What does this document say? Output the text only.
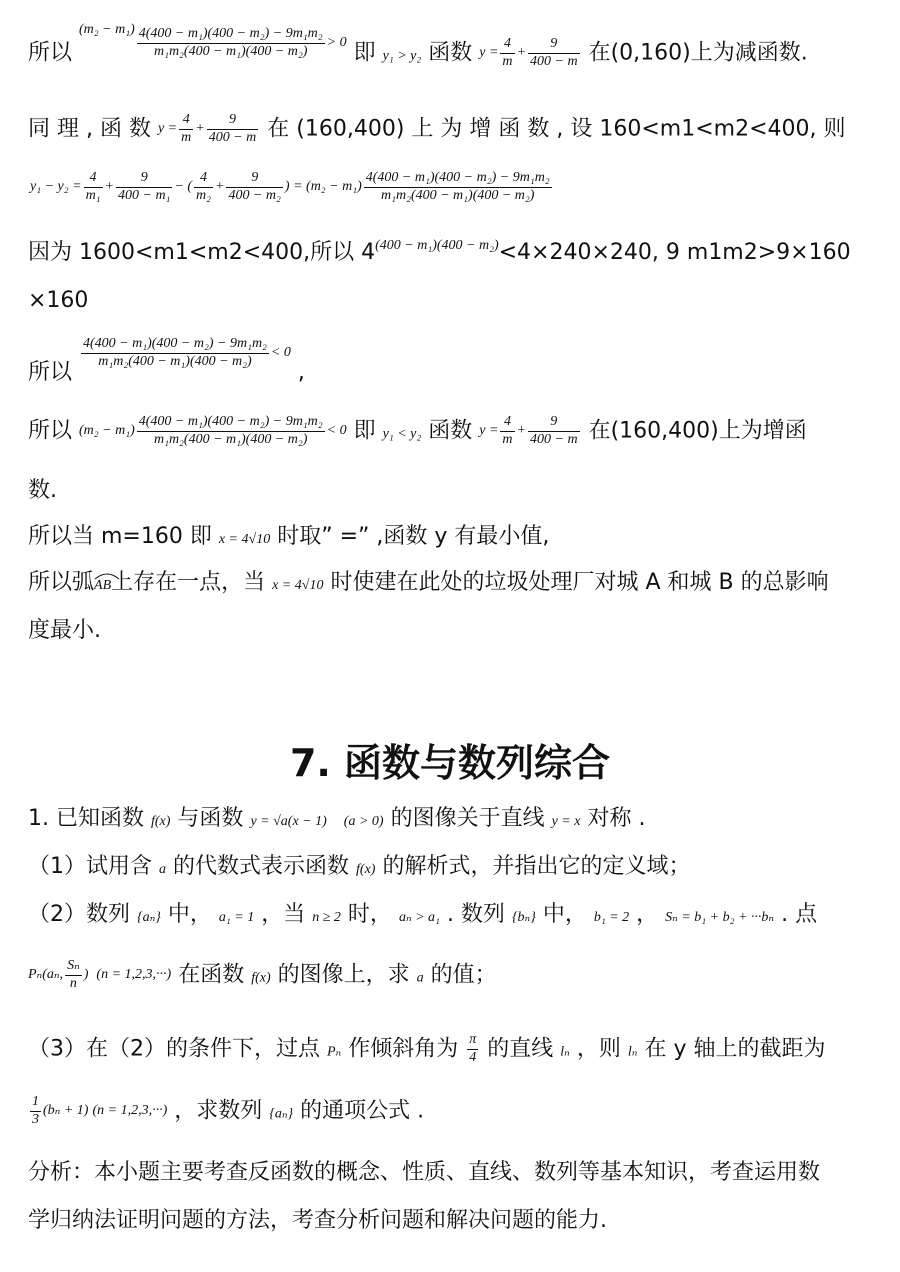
所以
$(m_2 - m_1) \frac{\text{4(400 − m₁)(400 − m₂) − 9m₁m₂}}{\text{m₁m₂(400 − m₁)(400 − m₂)}} > 0$ 即 y₁ > y₂ 函数 $y = \frac{4}{m} + \frac{9}{400 - m}$ 在(0,160)上为减函数.
同 理 , 函 数 $y = \frac{4}{m} + \frac{9}{400 - m}$ 在 (160,400) 上 为 增 函 数 , 设 160<m1<m2<400, 则
$y_1 - y_2 = \frac{4}{\text{m₁}} + \frac{9}{\text{400 − m₁}}$ − ( $\frac{4}{\text{m₂}} + \frac{9}{\text{400 − m₂}}$ ) = $(m_2 - m_1) \frac{\text{4(400 − m₁)(400 − m₂) − 9m₁m₂}}{\text{m₁m₂(400 − m₁)(400 − m₂)}}$
因为 1600<m1<m2<400,所以 $4^{(400 - m_1)(400 - m_2)}<4\times 240\times 240$, 9 m1m2>9×160
×160
所以
$\frac{\text{4(400 − m₁)(400 − m₂) − 9m₁m₂}}{\text{m₁m₂(400 − m₁)(400 − m₂)}} < 0$
,
所以 $(m_2 - m_1) \frac{\text{4(400 − m₁)(400 − m₂) − 9m₁m₂}}{\text{m₁m₂(400 − m₁)(400 − m₂)}} < 0$ 即 y₁ < y₂ 函数 $y = \frac{4}{m} + \frac{9}{400 - m}$ 在(160,400)上为增函
数.
所以当 m=160 即 x = 4√10 时取” =” ,函数 y 有最小值,
所以弧
AB上存在一点，当 x = 4√10 时使建在此处的垃圾处理厂对城 A 和城 B 的总影响
度最小.
7. 函数与数列综合
1. 已知函数 f(x) 与函数 y = √a(x − 1) (a > 0) 的图像关于直线 y = x 对称 .
（1）试用含 a 的代数式表示函数 f(x) 的解析式，并指出它的定义域；
（2）数列 {aₙ} 中， a₁ = 1 ，当 n ≥ 2 时， aₙ > a₁ . 数列 {bₙ} 中， b₁ = 2 ， Sₙ = b₁ + b₂ + ···bₙ . 点
Pₙ(aₙ, $\frac{\text{Sₙ}}{n}$ ) (n = 1,2,3,···) 在函数 f(x) 的图像上，求 a 的值；
（3）在（2）的条件下，过点 Pₙ 作倾斜角为 $\frac{\pi}{4}$ 的直线 lₙ ，则 lₙ 在 y 轴上的截距为
$\frac{1}{3} (b_n + 1) (n = 1,2,3,\cdot\cdot\cdot)$ ，求数列 {aₙ} 的通项公式 .
分析：本小题主要考查反函数的概念、性质、直线、数列等基本知识，考查运用数
学归纳法证明问题的方法，考查分析问题和解决问题的能力.
